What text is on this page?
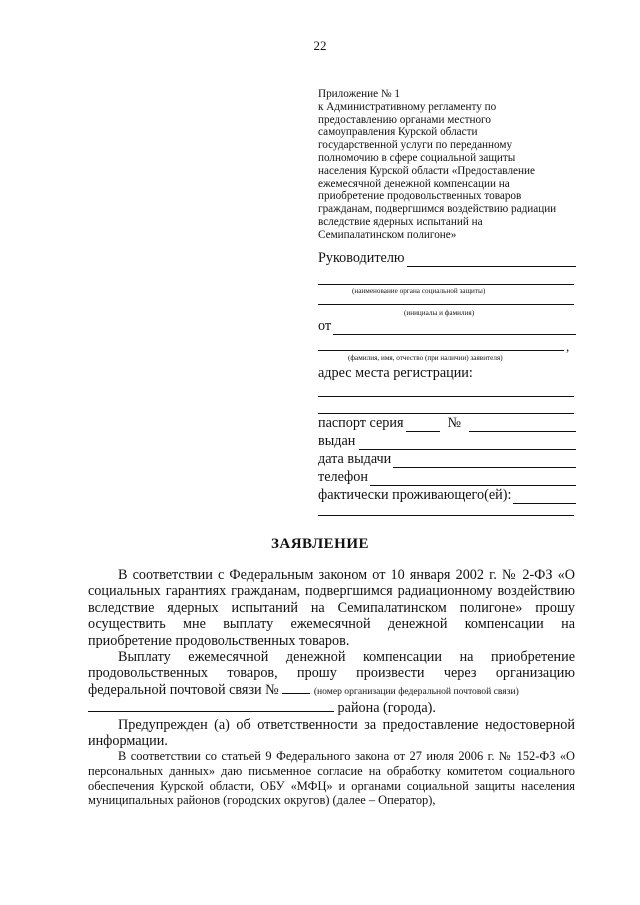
22
Приложение № 1
к Административному регламенту по
предоставлению органами местного
самоуправления Курской области
государственной услуги по переданному
полномочию в сфере социальной защиты
населения Курской области «Предоставление
ежемесячной денежной компенсации на
приобретение продовольственных товаров
гражданам, подвергшимся воздействию радиации
вследствие ядерных испытаний на
Семипалатинском полигоне»
Руководителю
(наименование органа социальной защиты)
(инициалы и фамилия)
от
,
(фамилия, имя, отчество (при наличии) заявителя)
адрес места регистрации:
паспорт серия	№
выдан
дата выдачи
телефон
фактически проживающего(ей):
ЗАЯВЛЕНИЕ

В соответствии с Федеральным законом от 10 января 2002 г. № 2-ФЗ «О социальных гарантиях гражданам, подвергшимся радиационному воздействию вследствие ядерных испытаний на Семипалатинском полигоне» прошу осуществить мне выплату ежемесячной денежной компенсации на приобретение продовольственных товаров.

Выплату ежемесячной денежной компенсации на приобретение продовольственных товаров, прошу произвести через организацию федеральной почтовой связи №	(номер организации федеральной почтовой связи)

района (города).

Предупрежден (а) об ответственности за предоставление недостоверной информации.

В соответствии со статьей 9 Федерального закона от 27 июля 2006 г. № 152-ФЗ «О персональных данных» даю письменное согласие на обработку комитетом социального обеспечения Курской области, ОБУ «МФЦ» и органами социальной защиты населения муниципальных районов (городских округов) (далее – Оператор),
